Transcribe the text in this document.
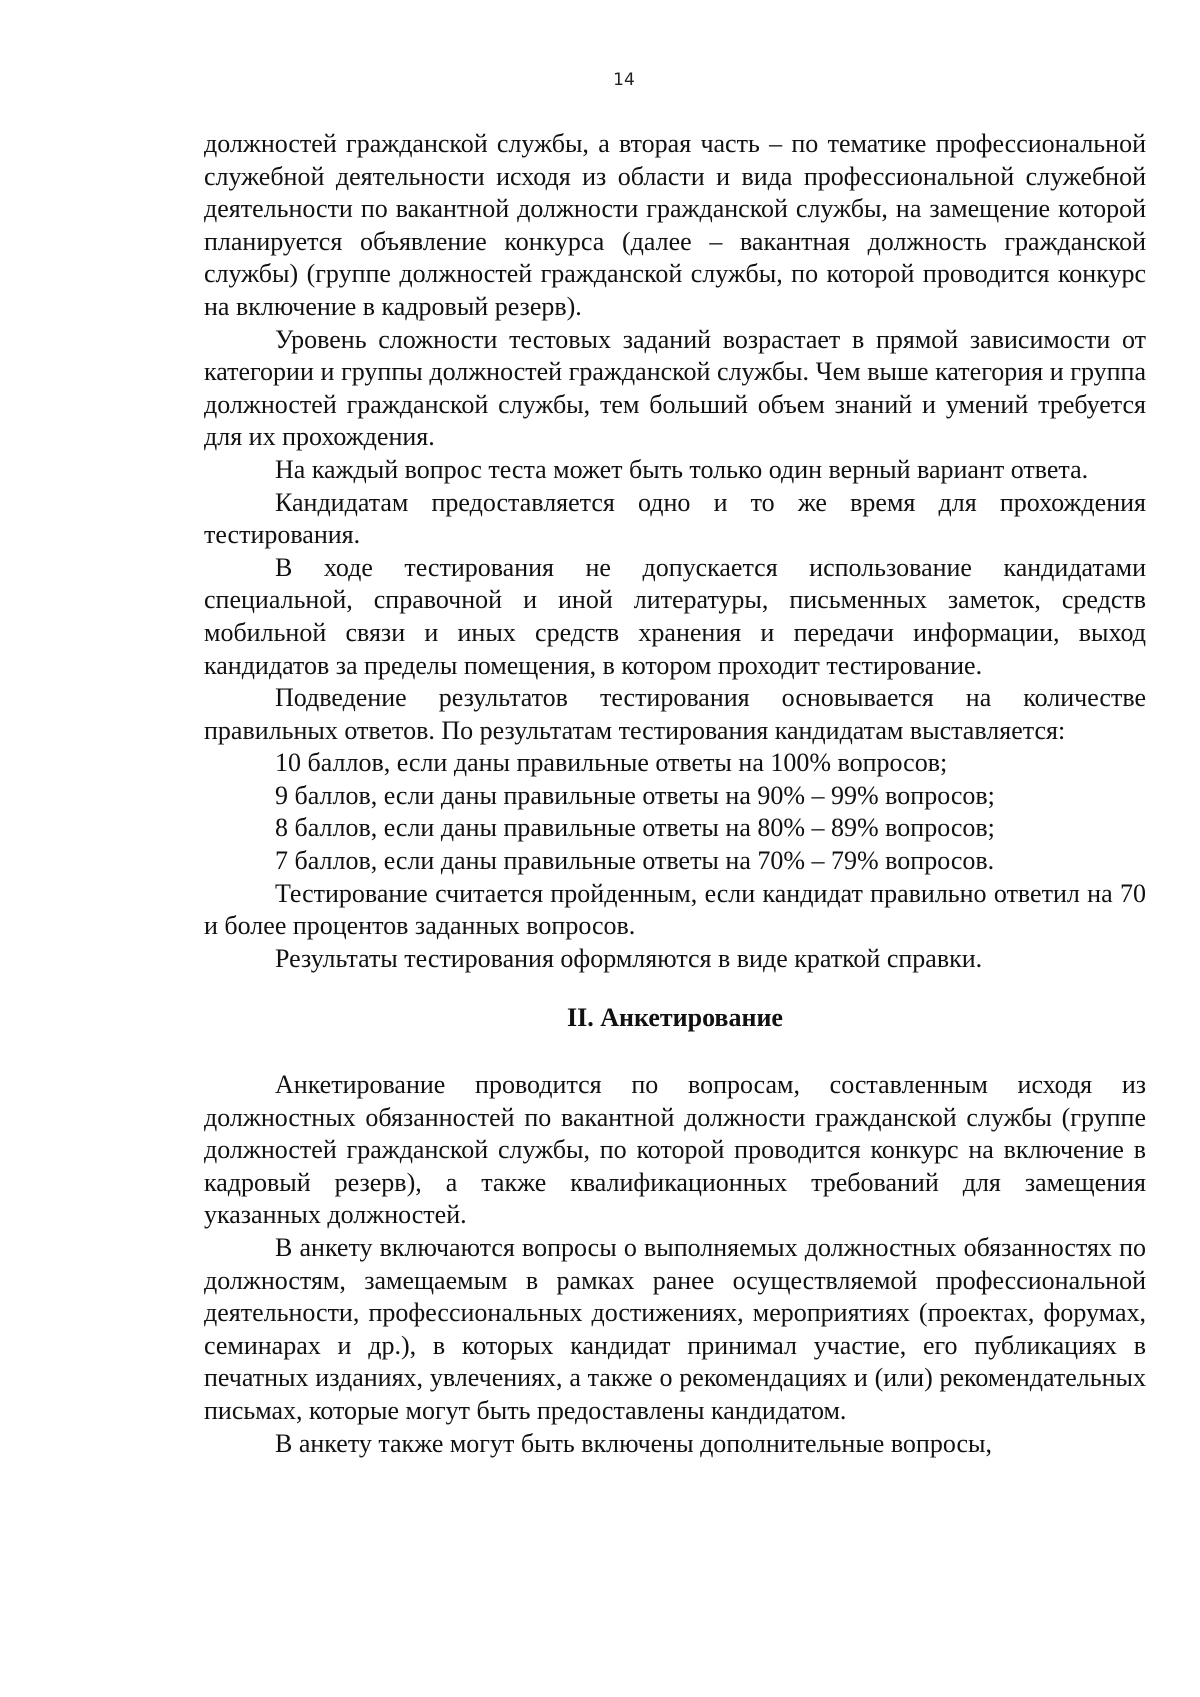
14

должностей гражданской службы, а вторая часть – по тематике профессиональной служебной деятельности исходя из области и вида профессиональной служебной деятельности по вакантной должности гражданской службы, на замещение которой планируется объявление конкурса (далее – вакантная должность гражданской службы) (группе должностей гражданской службы, по которой проводится конкурс на включение в кадровый резерв).

Уровень сложности тестовых заданий возрастает в прямой зависимости от категории и группы должностей гражданской службы. Чем выше категория и группа должностей гражданской службы, тем больший объем знаний и умений требуется для их прохождения.

На каждый вопрос теста может быть только один верный вариант ответа.

Кандидатам предоставляется одно и то же время для прохождения тестирования.

В ходе тестирования не допускается использование кандидатами специальной, справочной и иной литературы, письменных заметок, средств мобильной связи и иных средств хранения и передачи информации, выход кандидатов за пределы помещения, в котором проходит тестирование.

Подведение результатов тестирования основывается на количестве правильных ответов. По результатам тестирования кандидатам выставляется:

10 баллов, если даны правильные ответы на 100% вопросов;

9 баллов, если даны правильные ответы на 90% – 99% вопросов;

8 баллов, если даны правильные ответы на 80% – 89% вопросов;

7 баллов, если даны правильные ответы на 70% – 79% вопросов.

Тестирование считается пройденным, если кандидат правильно ответил на 70 и более процентов заданных вопросов.

Результаты тестирования оформляются в виде краткой справки.

II. Анкетирование

Анкетирование проводится по вопросам, составленным исходя из должностных обязанностей по вакантной должности гражданской службы (группе должностей гражданской службы, по которой проводится конкурс на включение в кадровый резерв), а также квалификационных требований для замещения указанных должностей.

В анкету включаются вопросы о выполняемых должностных обязанностях по должностям, замещаемым в рамках ранее осуществляемой профессиональной деятельности, профессиональных достижениях, мероприятиях (проектах, форумах, семинарах и др.), в которых кандидат принимал участие, его публикациях в печатных изданиях, увлечениях, а также о рекомендациях и (или) рекомендательных письмах, которые могут быть предоставлены кандидатом.

В анкету также могут быть включены дополнительные вопросы,
